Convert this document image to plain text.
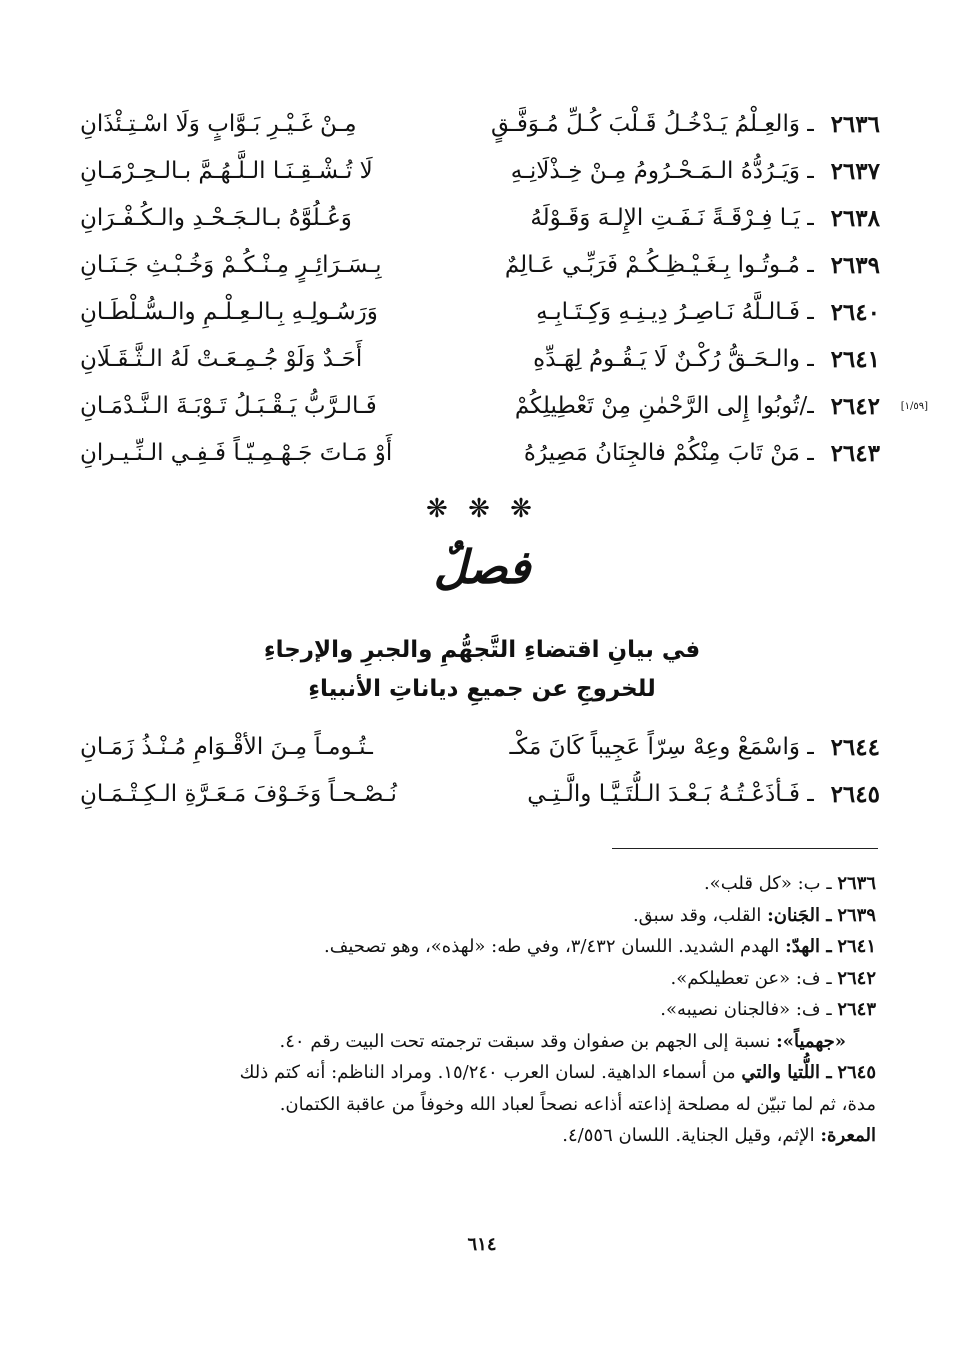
٢٦٣٦
ـ وَالعِـلْمُ يَـدْخُـلُ قَـلْبَ كُـلِّ مُـوَفَّـقٍ
مِـنْ غَـيْـرِ بَـوَّابٍ وَلَا اسْـتِـئْذَانِ
٢٦٣٧
ـ وَيَـرُدُّهُ الـمَـحْـرُومُ مِـنْ خِـذْلَانِـهِ
لَا تُـشْـقِـنَـا الـلَّـهُـمَّ بـالـحِـرْمَـانِ
٢٦٣٨
ـ يَـا فِـرْقَـةً نَـفَـتِ الإِلـهَ وَقَـوْلَهُ
وَعُـلُوَّهُ بـالـجَـحْـدِ والـكُـفْـرَانِ
٢٦٣٩
ـ مُـوتُـوا بِـغَـيْـظِـكُـمْ فَرَبِّـي عَـالِمٌ
بِـسَـرَائِـرٍ مِـنْـكُـمْ وَخُـبْـثِ جَـنَـانِ
٢٦٤٠
ـ فَـالـلَّهُ نَـاصِـرُ دِيـنِـهِ وَكِـتَـابِـهِ
وَرَسُـولِـهِ بِـالـعِـلْـمِ والـسُّـلْطَـانِ
٢٦٤١
ـ والـحَـقُّ رُكْـنٌ لَا يَـقُـومُ لِهَـدِّهِ
أَحَـدٌ وَلَوْ جُـمِـعَـتْ لَهُ الـثَّـقَـلَانِ
[١/٥٩]
٢٦٤٢
ـ/تُوبُوا إِلى الرَّحْمٰنِ مِنْ تَعْطِيلِكُمْ
فَـالـرَّبُّ يَـقْـبَـلُ تَـوْبَـةَ الـنَّـدْمَـانِ
٢٦٤٣
ـ مَنْ تَابَ مِنْكُمْ فالجِنَانُ مَصِيرُهُ
أَوْ مَـاتَ جَـهْـمِـيّـاً فَـفِـي الـنِّـيـرانِ
❋ ❋ ❋
فصلٌ
في بيانِ اقتضاءِ التَّجهُّمِ والجبرِ والإرجاءِ
للخروجِ عن جميعِ دياناتِ الأنبياءِ
٢٦٤٤
ـ وَاسْمَعْ وعِهْ سِرّاً عَجِيباً كَانَ مَكْـ
ـتُـومـاً مِـنَ الأقْـوَامِ مُـنْـذُ زَمَـانِ
٢٦٤٥
ـ فَـأذَعْـتُـهُ بَـعْـدَ الـلُّتَـيَّـا والَّـتِـي
نُـصْـحـاً وَخَـوْفَ مَـعَـرَّةِ الـكِـتْـمَـانِ
٢٦٣٦ ـ ب: «كل قلب».
٢٦٣٩ ـ الجَنان: القلب، وقد سبق.
٢٦٤١ ـ الهدّ: الهدم الشديد. اللسان ٣/٤٣٢، وفي طه: «لهذه»، وهو تصحيف.
٢٦٤٢ ـ ف: «عن تعطيلكم».
٢٦٤٣ ـ ف: «فالجنان نصيبه».
«جهمياً»: نسبة إلى الجهم بن صفوان وقد سبقت ترجمته تحت البيت رقم ٤٠.
٢٦٤٥ ـ اللُّتيا والتي من أسماء الداهية. لسان العرب ١٥/٢٤٠. ومراد الناظم: أنه كتم ذلك
مدة، ثم لما تبيّن له مصلحة إذاعته أذاعه نصحاً لعباد الله وخوفاً من عاقبة الكتمان.
المعرة: الإثم، وقيل الجناية. اللسان ٤/٥٥٦.
٦١٤
